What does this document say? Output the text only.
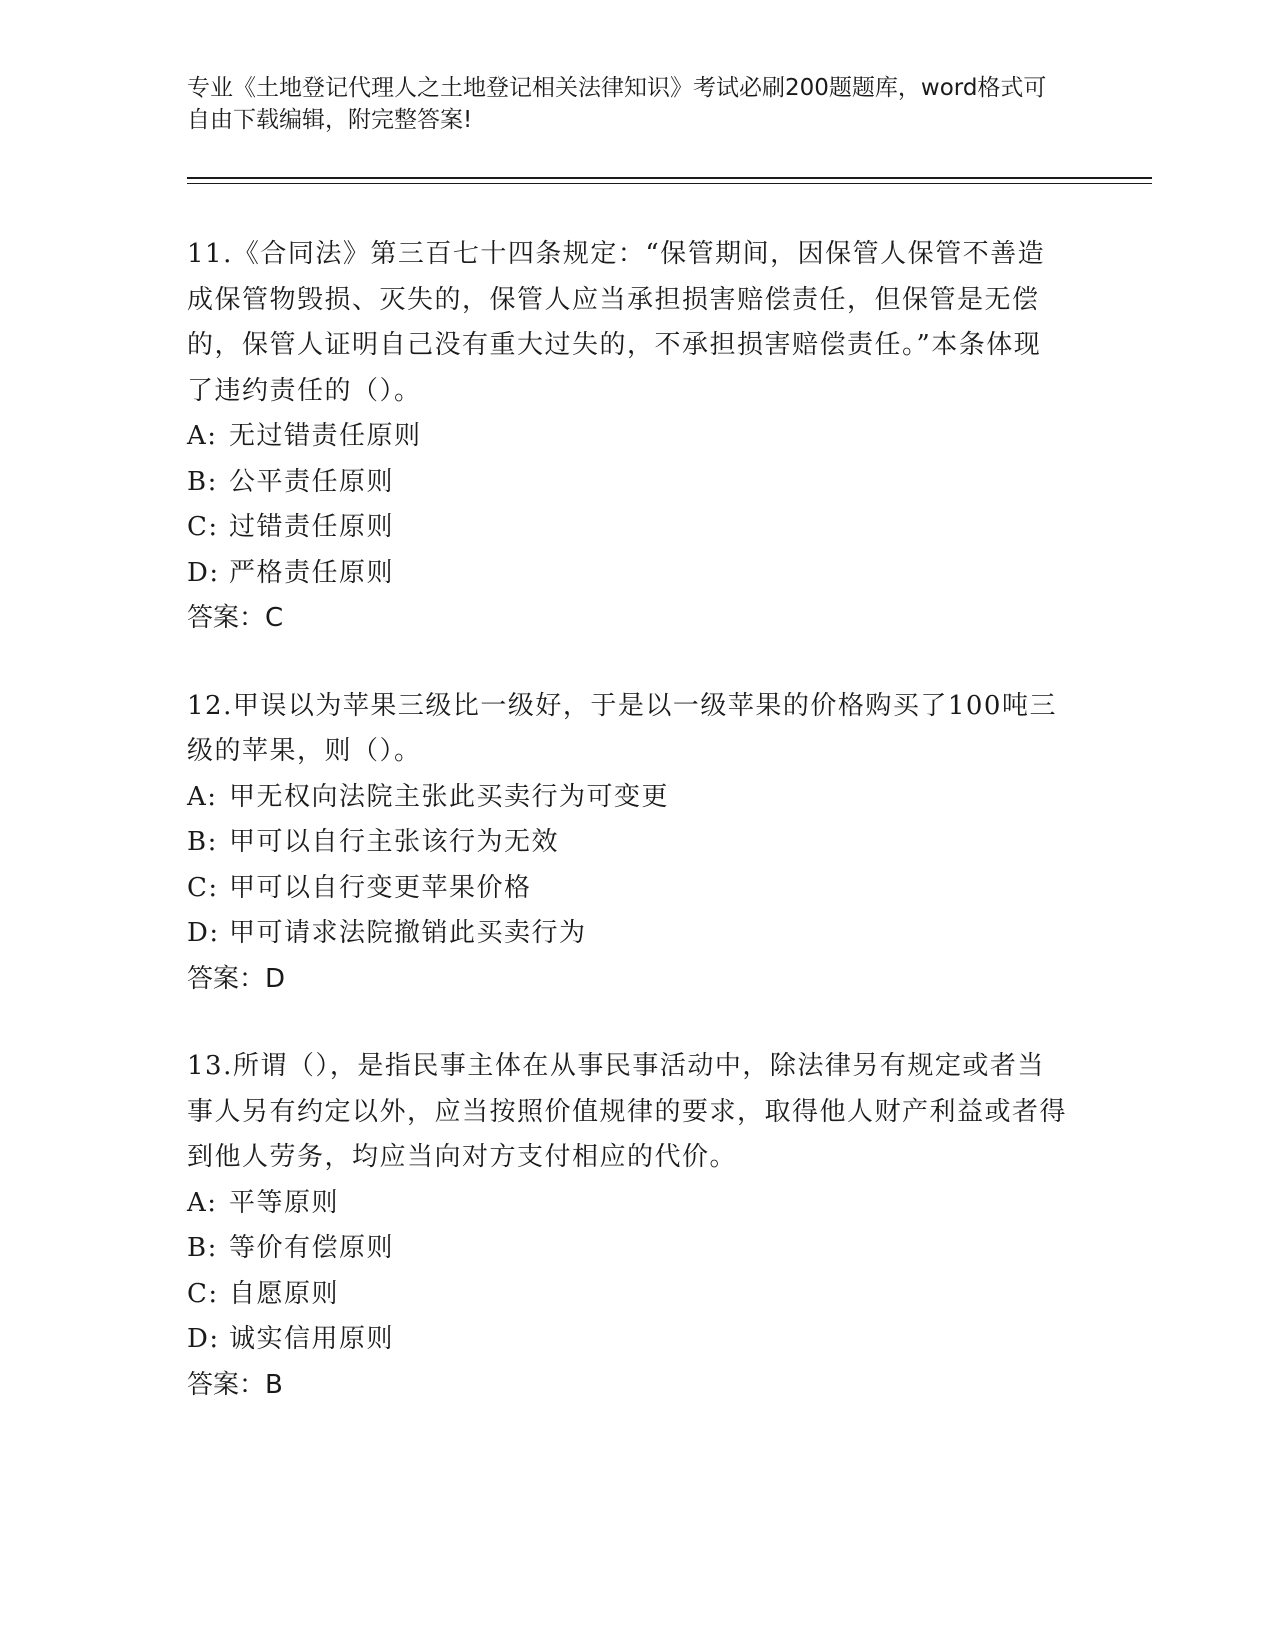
专业《土地登记代理人之土地登记相关法律知识》考试必刷200题题库，word格式可自由下载编辑，附完整答案!

11.《合同法》第三百七十四条规定：“保管期间，因保管人保管不善造成保管物毁损、灭失的，保管人应当承担损害赔偿责任，但保管是无偿的，保管人证明自己没有重大过失的，不承担损害赔偿责任。”本条体现了违约责任的（）。

A: 无过错责任原则

B: 公平责任原则

C: 过错责任原则

D: 严格责任原则

答案：C

12.甲误以为苹果三级比一级好，于是以一级苹果的价格购买了100吨三级的苹果，则（）。

A: 甲无权向法院主张此买卖行为可变更

B: 甲可以自行主张该行为无效

C: 甲可以自行变更苹果价格

D: 甲可请求法院撤销此买卖行为

答案：D

13.所谓（），是指民事主体在从事民事活动中，除法律另有规定或者当事人另有约定以外，应当按照价值规律的要求，取得他人财产利益或者得到他人劳务，均应当向对方支付相应的代价。

A: 平等原则

B: 等价有偿原则

C: 自愿原则

D: 诚实信用原则

答案：B
